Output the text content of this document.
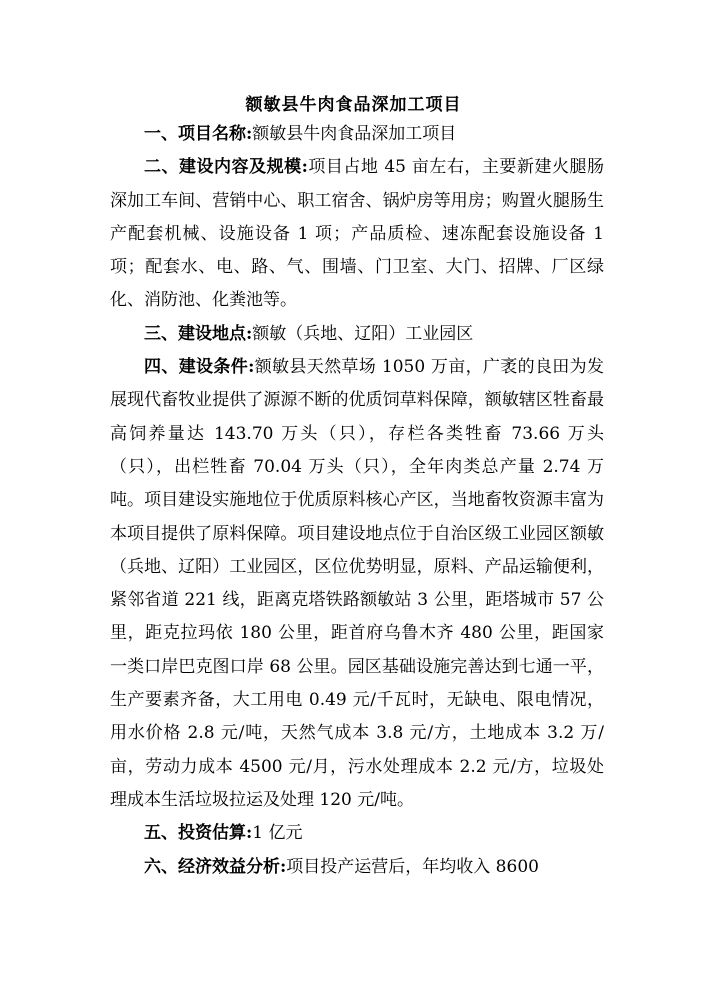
额敏县牛肉食品深加工项目

一、项目名称:额敏县牛肉食品深加工项目

二、建设内容及规模:项目占地 45 亩左右，主要新建火腿肠深加工车间、营销中心、职工宿舍、锅炉房等用房；购置火腿肠生产配套机械、设施设备 1 项；产品质检、速冻配套设施设备 1 项；配套水、电、路、气、围墙、门卫室、大门、招牌、厂区绿化、消防池、化粪池等。

三、建设地点:额敏（兵地、辽阳）工业园区

四、建设条件:额敏县天然草场 1050 万亩，广袤的良田为发展现代畜牧业提供了源源不断的优质饲草料保障，额敏辖区牲畜最高饲养量达 143.70 万头（只），存栏各类牲畜 73.66 万头（只），出栏牲畜 70.04 万头（只），全年肉类总产量 2.74 万吨。项目建设实施地位于优质原料核心产区，当地畜牧资源丰富为本项目提供了原料保障。项目建设地点位于自治区级工业园区额敏（兵地、辽阳）工业园区，区位优势明显，原料、产品运输便利，紧邻省道 221 线，距离克塔铁路额敏站 3 公里，距塔城市 57 公里，距克拉玛依 180 公里，距首府乌鲁木齐 480 公里，距国家一类口岸巴克图口岸 68 公里。园区基础设施完善达到七通一平，生产要素齐备，大工用电 0.49 元/千瓦时，无缺电、限电情况，用水价格 2.8 元/吨，天然气成本 3.8 元/方，土地成本 3.2 万/亩，劳动力成本 4500 元/月，污水处理成本 2.2 元/方，垃圾处理成本生活垃圾拉运及处理 120 元/吨。

五、投资估算:1 亿元

六、经济效益分析:项目投产运营后，年均收入 8600
